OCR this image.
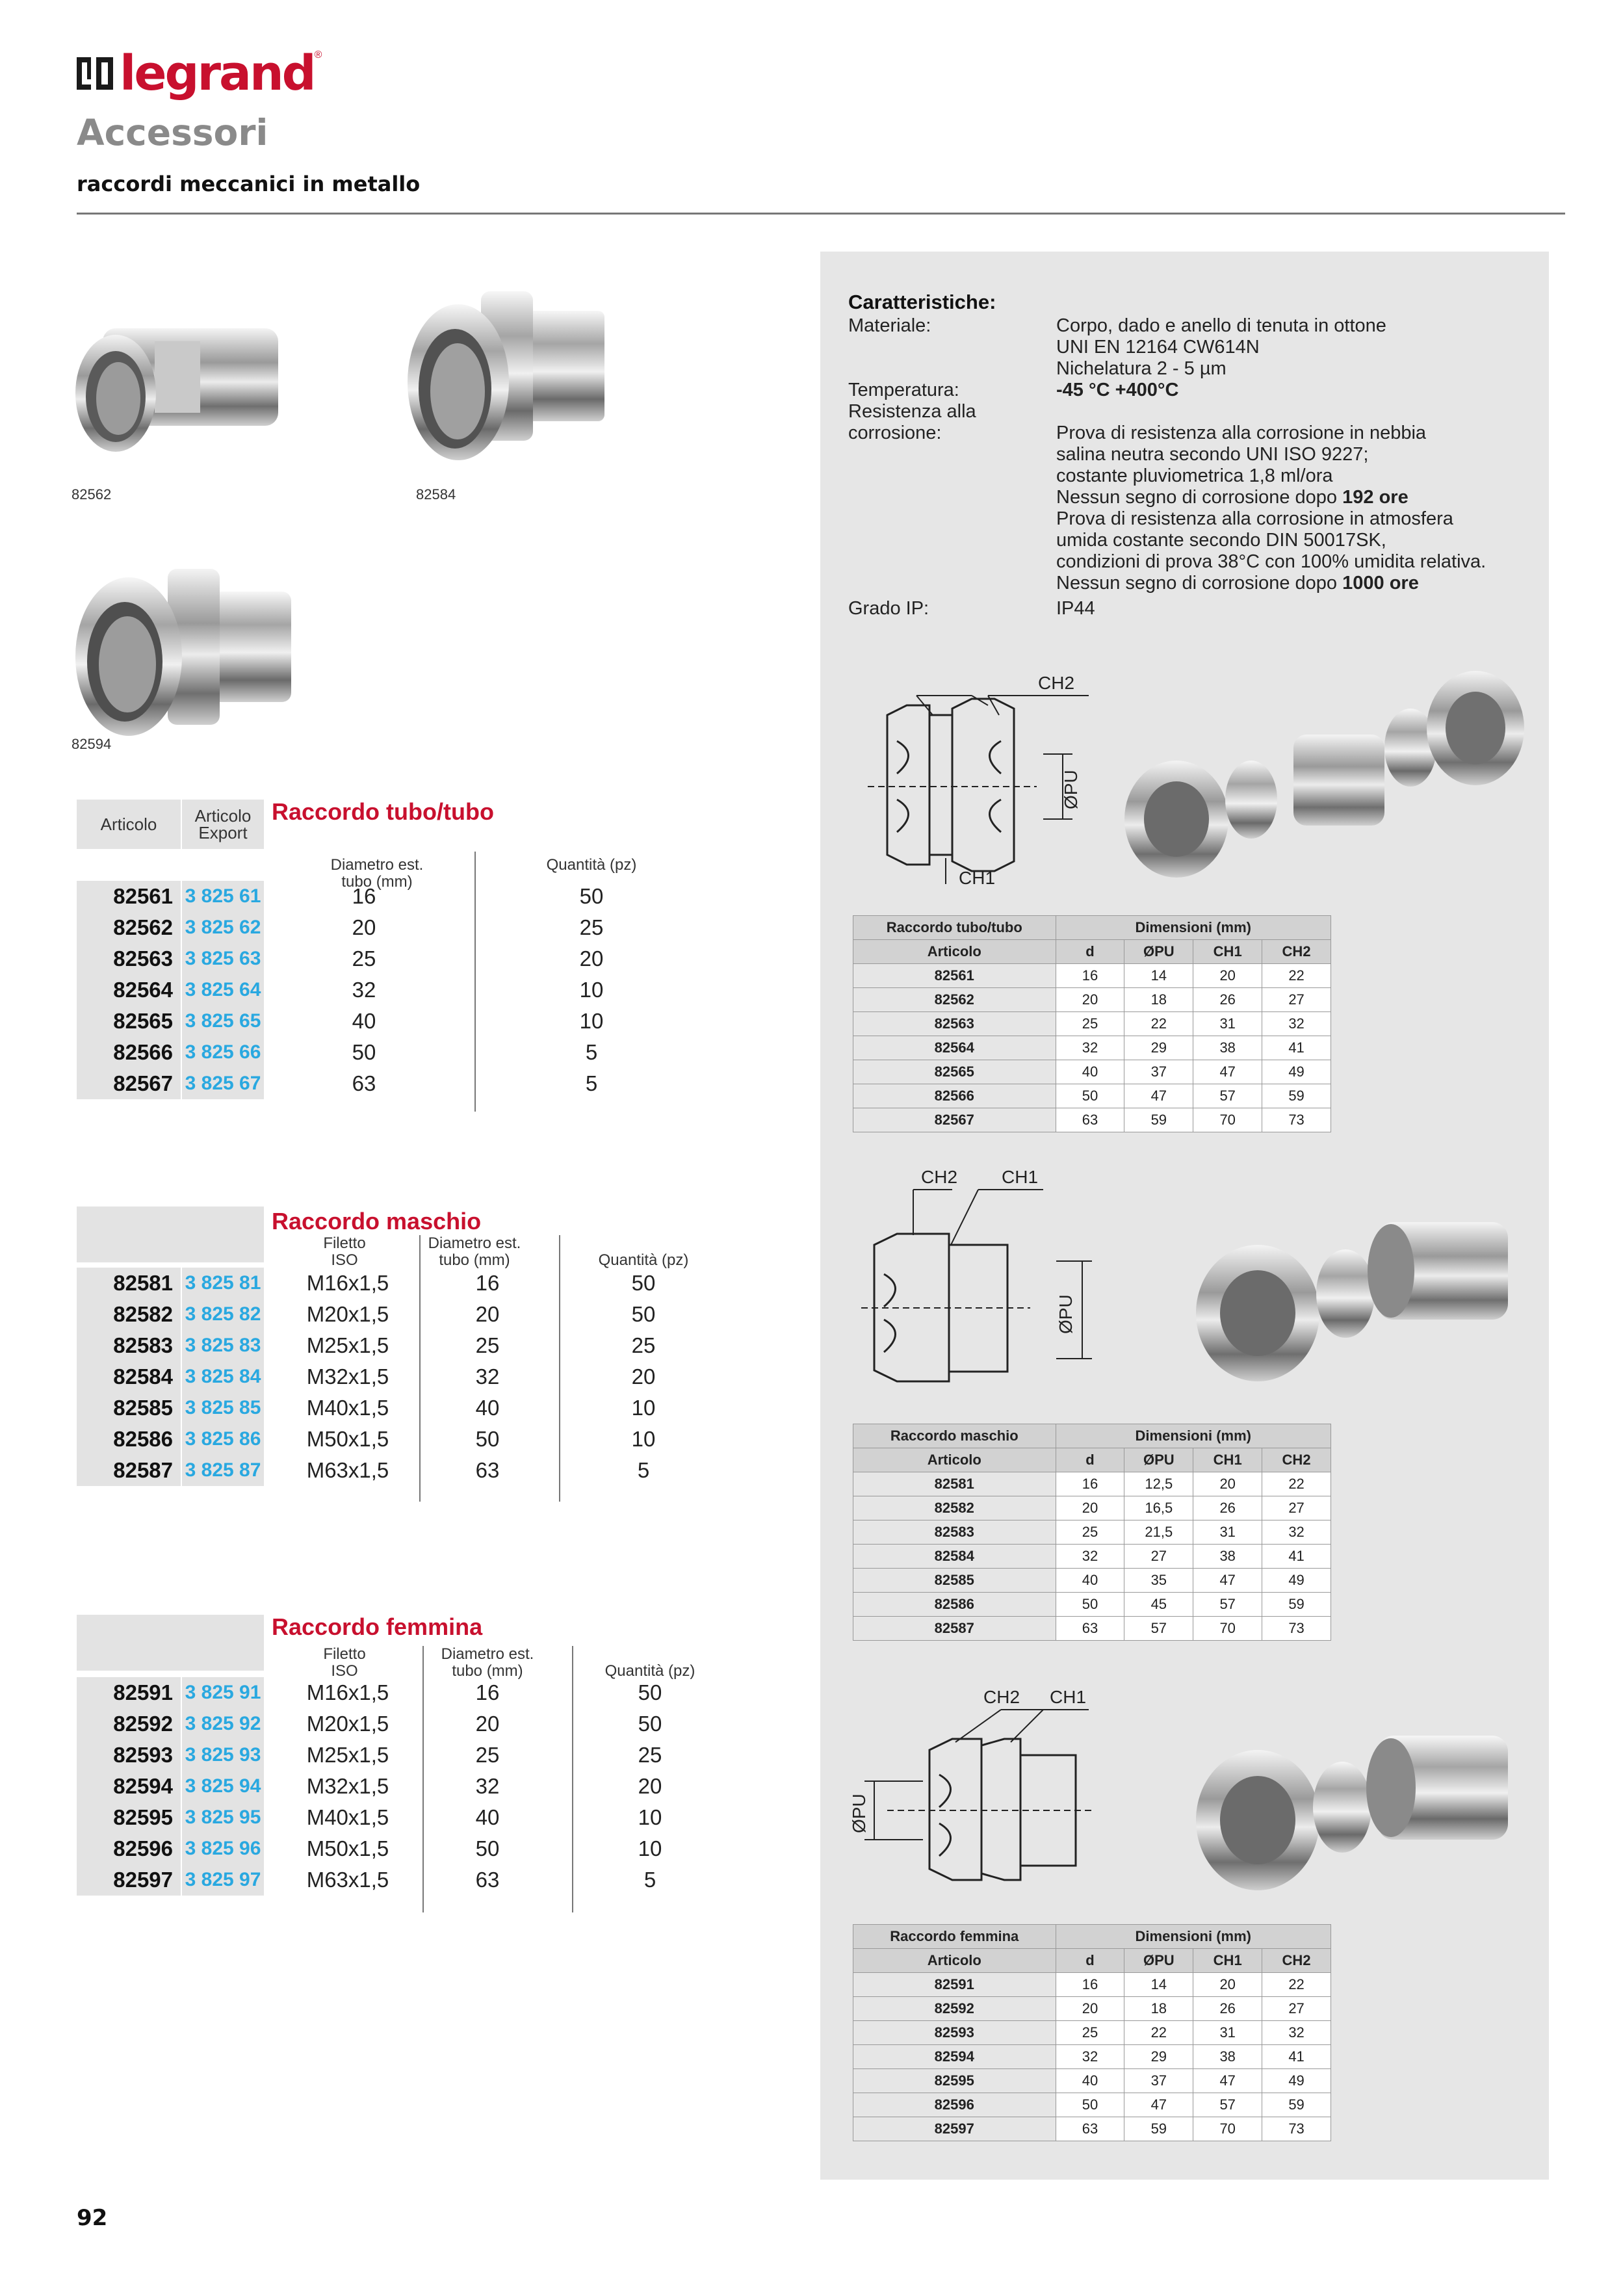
legrand ®
Accessori
raccordi meccanici in metallo
82562	82584
82594
Caratteristiche:
Materiale:	Corpo, dado e anello di tenuta in ottone
UNI EN 12164 CW614N
Nichelatura 2 - 5 µm
Temperatura:	-45 °C +400°C
Resistenza alla
corrosione:	
Prova di resistenza alla corrosione in nebbia
salina neutra secondo UNI ISO 9227;
costante pluviometrica 1,8 ml/ora
Nessun segno di corrosione dopo 192 ore
Prova di resistenza alla corrosione in atmosfera
umida costante secondo DIN 50017SK,
condizioni di prova 38°C con 100% umidita relativa.
Nessun segno di corrosione dopo 1000 ore
Grado IP:	IP44
CH2
CH1
ØPU
Raccordo tubo/tubo	Dimensioni (mm)			
Articolo	d	ØPU	CH1	CH2
82561	16	14	20	22
82562	20	18	26	27
82563	25	22	31	32
82564	32	29	38	41
82565	40	37	47	49
82566	50	47	57	59
82567	63	59	70	73
CH2 CH1
ØPU
Raccordo maschio	Dimensioni (mm)			
Articolo	d	ØPU	CH1	CH2
82581	16	12,5	20	22
82582	20	16,5	26	27
82583	25	21,5	31	32
82584	32	27	38	41
82585	40	35	47	49
82586	50	45	57	59
82587	63	57	70	73
CH2 CH1
ØPU
Raccordo femmina	Dimensioni (mm)			
Articolo	d	ØPU	CH1	CH2
82591	16	14	20	22
82592	20	18	26	27
82593	25	22	31	32
82594	32	29	38	41
82595	40	37	47	49
82596	50	47	57	59
82597	63	59	70	73
Articolo	Articolo
Export
Raccordo tubo/tubo
Diametro est.
tubo (mm)
Quantità (pz)
82561 3 825 61	16	50
82562 3 825 62	20	25
82563 3 825 63	25	20
82564 3 825 64	32	10
82565 3 825 65	40	10
82566 3 825 66	50	5
82567 3 825 67	63	5
Raccordo maschio
Filetto
ISO
Diametro est.
tubo (mm)	Quantità (pz)
82581 3 825 81	M16x1,5	16	50
82582 3 825 82	M20x1,5	20	50
82583 3 825 83	M25x1,5	25	25
82584 3 825 84	M32x1,5	32	20
82585 3 825 85	M40x1,5	40	10
82586 3 825 86	M50x1,5	50	10
82587 3 825 87	M63x1,5	63	5
Raccordo femmina
Filetto
ISO
Diametro est.
tubo (mm)	Quantità (pz)
82591 3 825 91	M16x1,5	16	50
82592 3 825 92	M20x1,5	20	50
82593 3 825 93	M25x1,5	25	25
82594 3 825 94	M32x1,5	32	20
82595 3 825 95	M40x1,5	40	10
82596 3 825 96	M50x1,5	50	10
82597 3 825 97	M63x1,5	63	5
92
